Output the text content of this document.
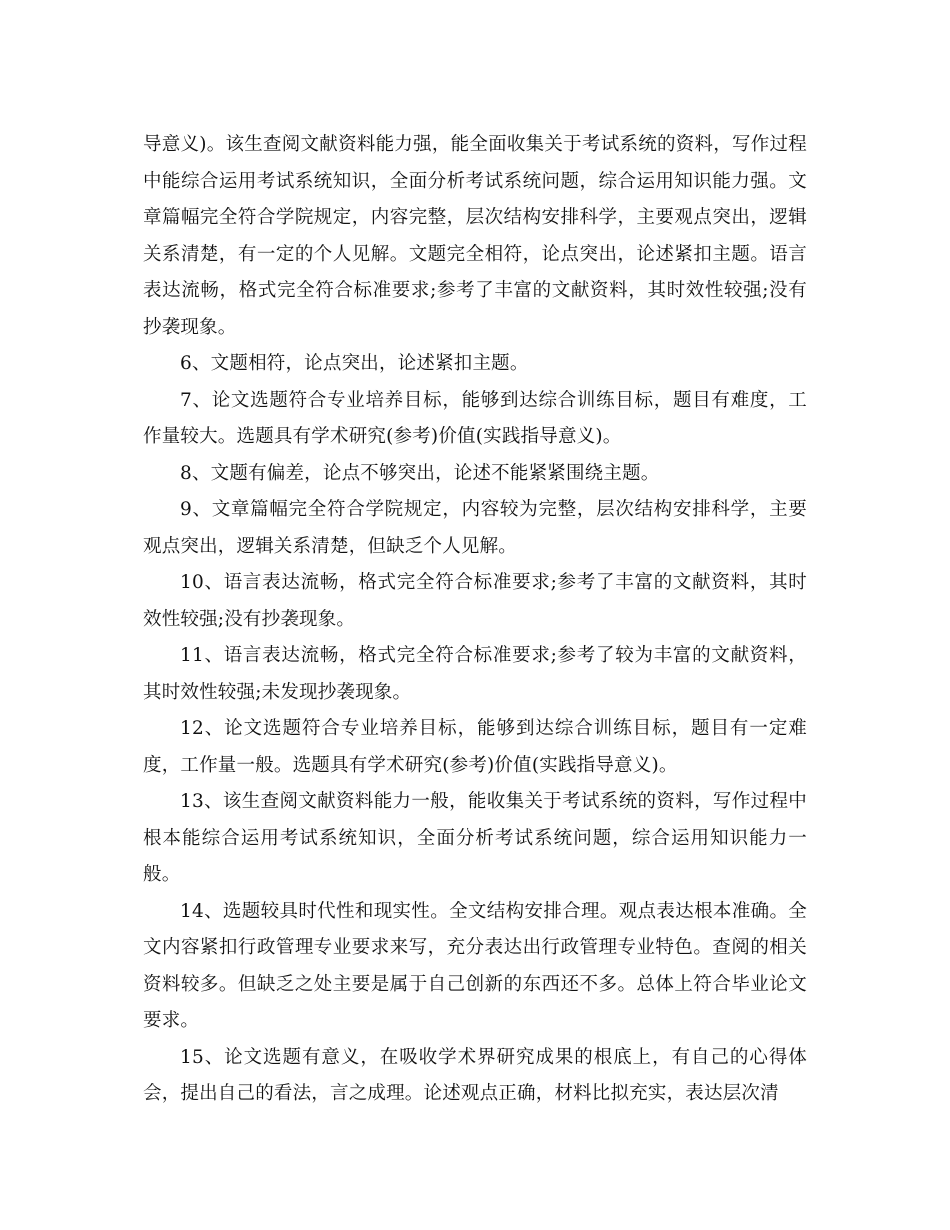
导意义)。该生查阅文献资料能力强，能全面收集关于考试系统的资料，写作过程中能综合运用考试系统知识，全面分析考试系统问题，综合运用知识能力强。文章篇幅完全符合学院规定，内容完整，层次结构安排科学，主要观点突出，逻辑关系清楚，有一定的个人见解。文题完全相符，论点突出，论述紧扣主题。语言表达流畅，格式完全符合标准要求;参考了丰富的文献资料，其时效性较强;没有抄袭现象。

6、文题相符，论点突出，论述紧扣主题。

7、论文选题符合专业培养目标，能够到达综合训练目标，题目有难度，工作量较大。选题具有学术研究(参考)价值(实践指导意义)。

8、文题有偏差，论点不够突出，论述不能紧紧围绕主题。

9、文章篇幅完全符合学院规定，内容较为完整，层次结构安排科学，主要观点突出，逻辑关系清楚，但缺乏个人见解。

10、语言表达流畅，格式完全符合标准要求;参考了丰富的文献资料，其时效性较强;没有抄袭现象。

11、语言表达流畅，格式完全符合标准要求;参考了较为丰富的文献资料，其时效性较强;未发现抄袭现象。

12、论文选题符合专业培养目标，能够到达综合训练目标，题目有一定难度，工作量一般。选题具有学术研究(参考)价值(实践指导意义)。

13、该生查阅文献资料能力一般，能收集关于考试系统的资料，写作过程中根本能综合运用考试系统知识，全面分析考试系统问题，综合运用知识能力一般。

14、选题较具时代性和现实性。全文结构安排合理。观点表达根本准确。全文内容紧扣行政管理专业要求来写，充分表达出行政管理专业特色。查阅的相关资料较多。但缺乏之处主要是属于自己创新的东西还不多。总体上符合毕业论文要求。

15、论文选题有意义，在吸收学术界研究成果的根底上，有自己的心得体会，提出自己的看法，言之成理。论述观点正确，材料比拟充实，表达层次清
